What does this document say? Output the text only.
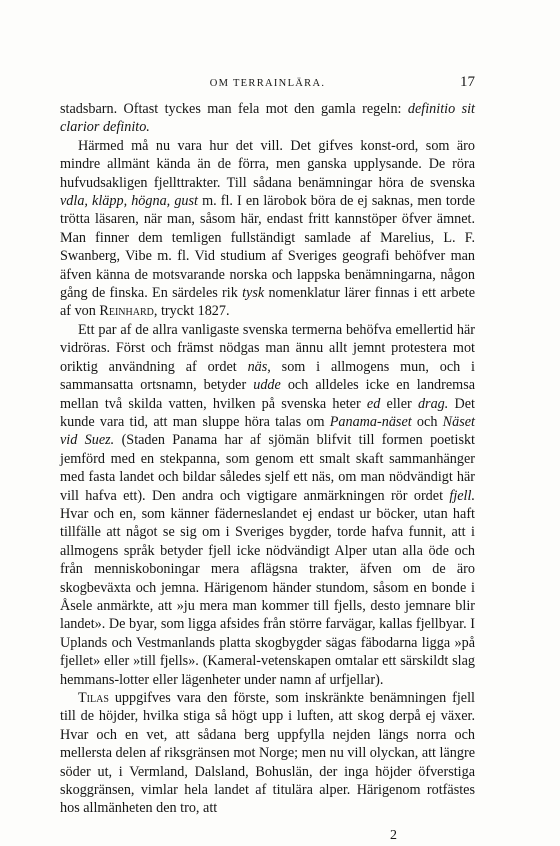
OM TERRAINLÄRA.	17

stadsbarn. Oftast tyckes man fela mot den gamla regeln: definitio sit clarior definito.

Härmed må nu vara hur det vill. Det gifves konst-ord, som äro mindre allmänt kända än de förra, men ganska upplysande. De röra hufvudsakligen fjellttrakter. Till sådana benämningar höra de svenska vdla, kläpp, högna, gust m. fl. I en lärobok böra de ej saknas, men torde trötta läsaren, när man, såsom här, endast fritt kannstöper öfver ämnet. Man finner dem temligen fullständigt samlade af Marelius, L. F. Swanberg, Vibe m. fl. Vid studium af Sveriges geografi behöfver man äfven känna de motsvarande norska och lappska benämningarna, någon gång de finska. En särdeles rik tysk nomenklatur lärer finnas i ett arbete af von Reinhard, tryckt 1827.

Ett par af de allra vanligaste svenska termerna behöfva emellertid här vidröras. Först och främst nödgas man ännu allt jemnt protestera mot oriktig användning af ordet näs, som i allmogens mun, och i sammansatta ortsnamn, betyder udde och alldeles icke en landremsa mellan två skilda vatten, hvilken på svenska heter ed eller drag. Det kunde vara tid, att man sluppe höra talas om Panama-näset och Näset vid Suez. (Staden Panama har af sjömän blifvit till formen poetiskt jemförd med en stekpanna, som genom ett smalt skaft sammanhänger med fasta landet och bildar således sjelf ett näs, om man nödvändigt här vill hafva ett). Den andra och vigtigare anmärkningen rör ordet fjell. Hvar och en, som känner fäderneslandet ej endast ur böcker, utan haft tillfälle att något se sig om i Sveriges bygder, torde hafva funnit, att i allmogens språk betyder fjell icke nödvändigt Alper utan alla öde och från menniskoboningar mera aflägsna trakter, äfven om de äro skogbeväxta och jemna. Härigenom händer stundom, såsom en bonde i Åsele anmärkte, att »ju mera man kommer till fjells, desto jemnare blir landet». De byar, som ligga afsides från större farvägar, kallas fjellbyar. I Uplands och Vestmanlands platta skogbygder sägas fäbodarna ligga »på fjellet» eller »till fjells». (Kameral-vetenskapen omtalar ett särskildt slag hemmans-lotter eller lägenheter under namn af urfjellar).

Tilas uppgifves vara den förste, som inskränkte benämningen fjell till de höjder, hvilka stiga så högt upp i luften, att skog derpå ej växer. Hvar och en vet, att sådana berg uppfylla nejden längs norra och mellersta delen af riksgränsen mot Norge; men nu vill olyckan, att längre söder ut, i Vermland, Dalsland, Bohuslän, der inga höjder öfverstiga skoggränsen, vimlar hela landet af titulära alper. Härigenom rotfästes hos allmänheten den tro, att

2
